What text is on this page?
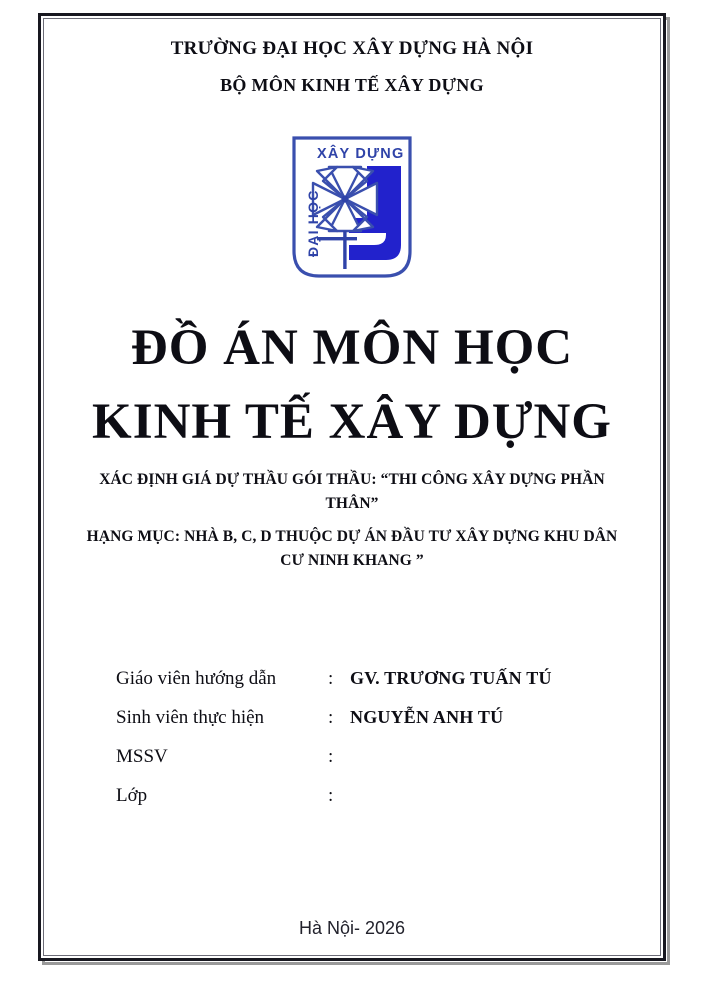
TRƯỜNG ĐẠI HỌC XÂY DỰNG HÀ NỘI
BỘ MÔN KINH TẾ XÂY DỰNG
XÂY DỰNG
ĐẠI HỌC
ĐỒ ÁN MÔN HỌC
KINH TẾ XÂY DỰNG
XÁC ĐỊNH GIÁ DỰ THẦU GÓI THẦU: “THI CÔNG XÂY DỰNG PHẦN THÂN”
HẠNG MỤC: NHÀ B, C, D THUỘC DỰ ÁN ĐẦU TƯ XÂY DỰNG KHU DÂN CƯ NINH KHANG ”
Giáo viên hướng dẫn	: GV. TRƯƠNG TUẤN TÚ
Sinh viên thực hiện	: NGUYỄN ANH TÚ
MSSV	:
Lớp	:
Hà Nội- 2026
